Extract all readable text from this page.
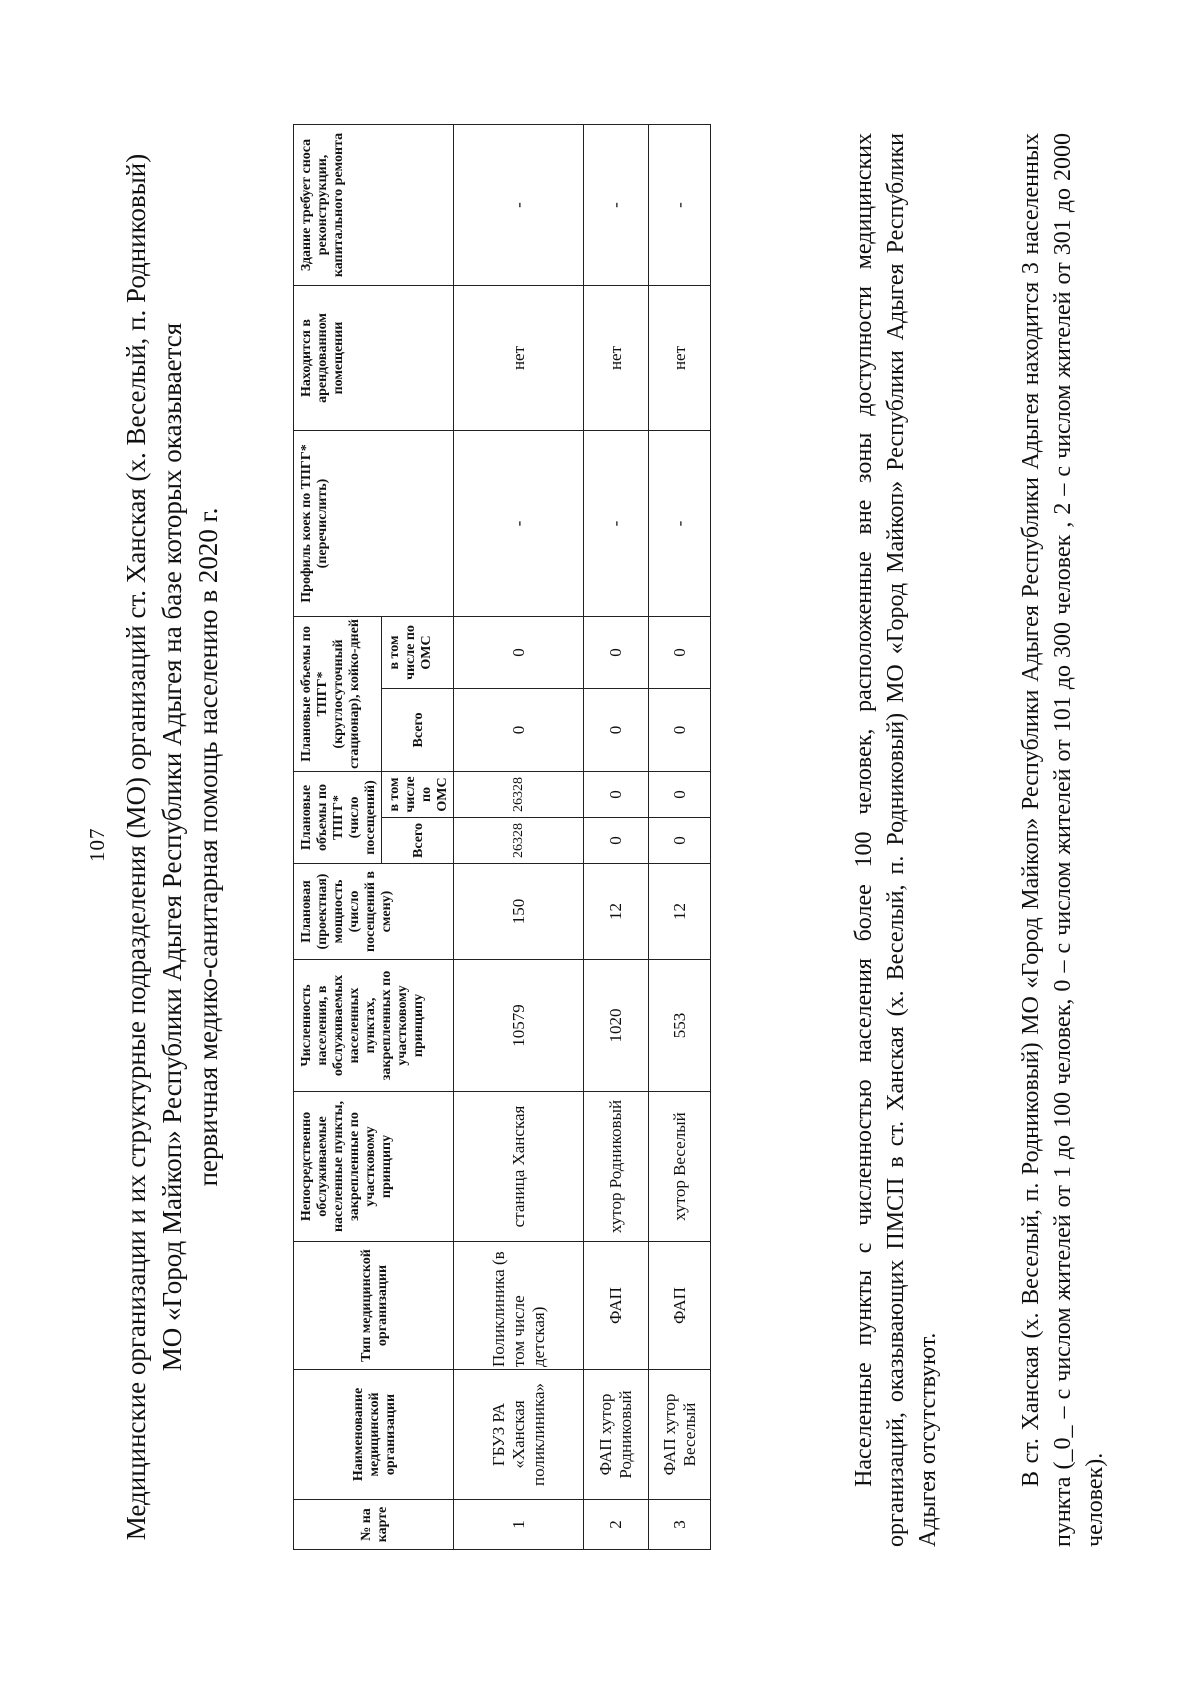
107 Медицинские организации и их структурные подразделения (МО) организаций ст. Ханская (х. Веселый, п. Родниковый) МО «Город Майкоп» Республики Адыгея Республики Адыгея на базе которых оказывается первичная медико-санитарная помощь населению в 2020 г.
№ на карте	Наименование медицинской организации	Тип медицинской организации	Непосредственно обслуживаемые населенные пункты, закрепленные по участковому принципу	Численность населения, в обслуживаемых населенных пунктах, закрепленных по участковому принципу	Плановая (проектная) мощность (число посещений в смену)	Плановые объемы по ТПГГ* (число посещений)		Плановые объемы по ТПГГ* (круглосуточный стационар), койко-дней		Профиль коек по ТПГГ* (перечислить)	Находится в арендованном помещении	Здание требует сноса реконструкции, капитального ремонта
						Всего	в том числе по ОМС	Всего	в том числе по ОМС			
1	ГБУЗ РА «Ханская поликлиника»	Поликлиника (в том числе детская)	станица Ханская	10579	150	26328	26328	0	0	-	нет	-
2	ФАП хутор Родниковый	ФАП	хутор Родниковый	1020	12	0	0	0	0	-	нет	-
3	ФАП хутор Веселый	ФАП	хутор Веселый	553	12	0	0	0	0	-	нет	-	Населенные пункты с численностью населения более 100 человек, расположенные вне зоны доступности медицинских организаций, оказывающих ПМСП в ст. Ханская (х. Веселый, п. Родниковый) МО «Город Майкоп» Республики Адыгея Республики Адыгея отсутствуют.	В ст. Ханская (х. Веселый, п. Родниковый) МО «Город Майкоп» Республики Адыгея Республики Адыгея находится 3 населенных пункта (_0_ – с числом жителей от 1 до 100 человек, 0 – с числом жителей от 101 до 300 человек , 2 – с числом жителей от 301 до 2000 человек).
